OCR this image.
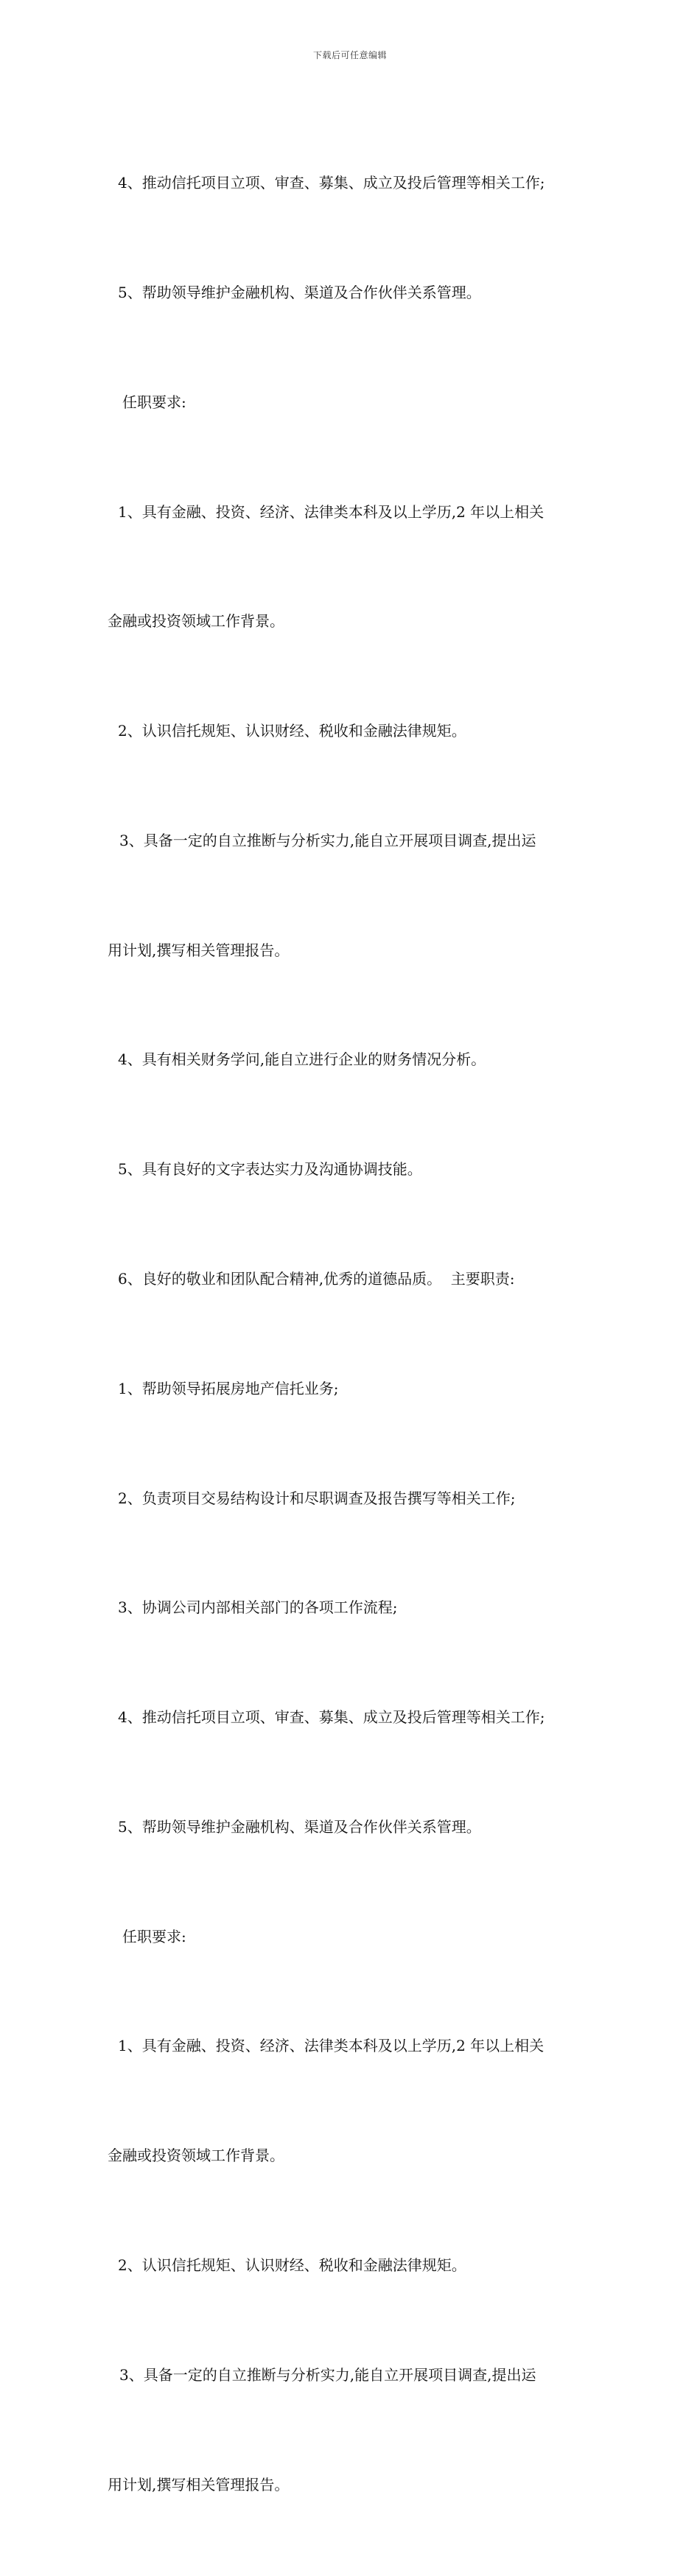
下载后可任意编辑

4、推动信托项目立项、审查、募集、成立及投后管理等相关工作;

5、帮助领导维护金融机构、渠道及合作伙伴关系管理。

任职要求:

1、具有金融、投资、经济、法律类本科及以上学历,2 年以上相关

金融或投资领域工作背景。

2、认识信托规矩、认识财经、税收和金融法律规矩。

3、具备一定的自立推断与分析实力,能自立开展项目调查,提出运

用计划,撰写相关管理报告。

4、具有相关财务学问,能自立进行企业的财务情况分析。

5、具有良好的文字表达实力及沟通协调技能。

6、良好的敬业和团队配合精神,优秀的道德品质。  主要职责:

1、帮助领导拓展房地产信托业务;

2、负责项目交易结构设计和尽职调查及报告撰写等相关工作;

3、协调公司内部相关部门的各项工作流程;

4、推动信托项目立项、审查、募集、成立及投后管理等相关工作;

5、帮助领导维护金融机构、渠道及合作伙伴关系管理。

任职要求:

1、具有金融、投资、经济、法律类本科及以上学历,2 年以上相关

金融或投资领域工作背景。

2、认识信托规矩、认识财经、税收和金融法律规矩。

3、具备一定的自立推断与分析实力,能自立开展项目调查,提出运

用计划,撰写相关管理报告。
